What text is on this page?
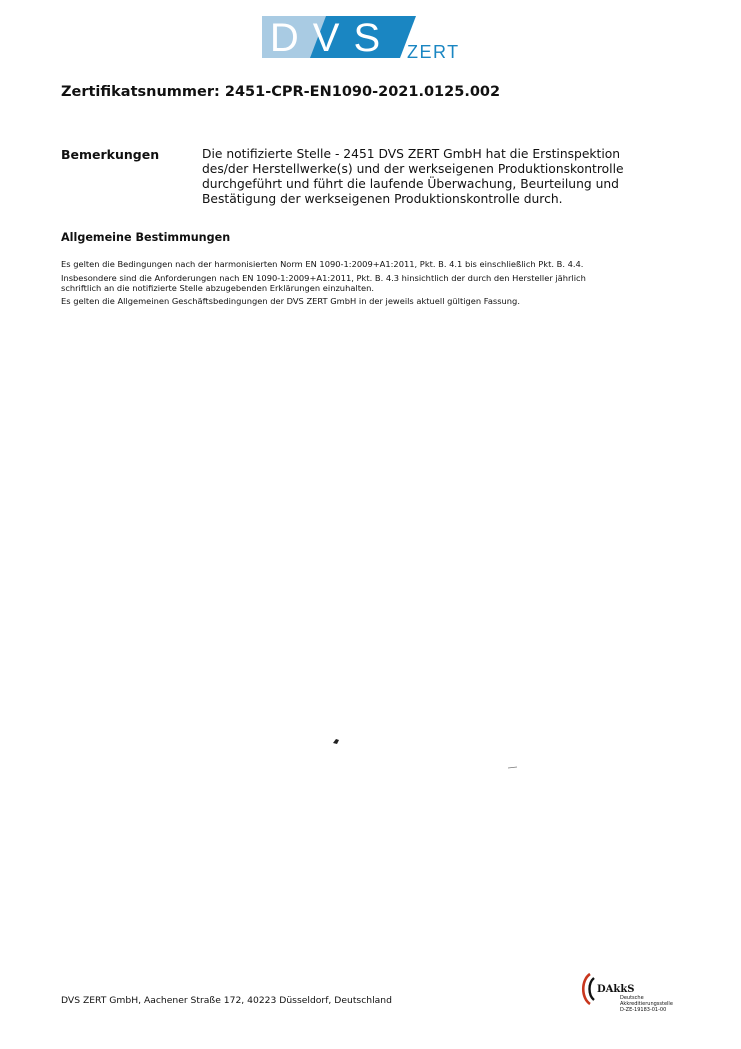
DVS ZERT
Zertifikatsnummer: 2451-CPR-EN1090-2021.0125.002
Bemerkungen	Die notifizierte Stelle - 2451 DVS ZERT GmbH hat die Erstinspektion des/der Herstellwerke(s) und der werkseigenen Produktionskontrolle durchgeführt und führt die laufende Überwachung, Beurteilung und Bestätigung der werkseigenen Produktionskontrolle durch.
Allgemeine Bestimmungen

Es gelten die Bedingungen nach der harmonisierten Norm EN 1090-1:2009+A1:2011, Pkt. B. 4.1 bis einschließlich Pkt. B. 4.4.

Insbesondere sind die Anforderungen nach EN 1090-1:2009+A1:2011, Pkt. B. 4.3 hinsichtlich der durch den Hersteller jährlich schriftlich an die notifizierte Stelle abzugebenden Erklärungen einzuhalten.

Es gelten die Allgemeinen Geschäftsbedingungen der DVS ZERT GmbH in der jeweils aktuell gültigen Fassung.

DVS ZERT GmbH, Aachener Straße 172, 40223 Düsseldorf, Deutschland
DAkkS
Deutsche
Akkreditierungsstelle
D-ZE-19183-01-00
